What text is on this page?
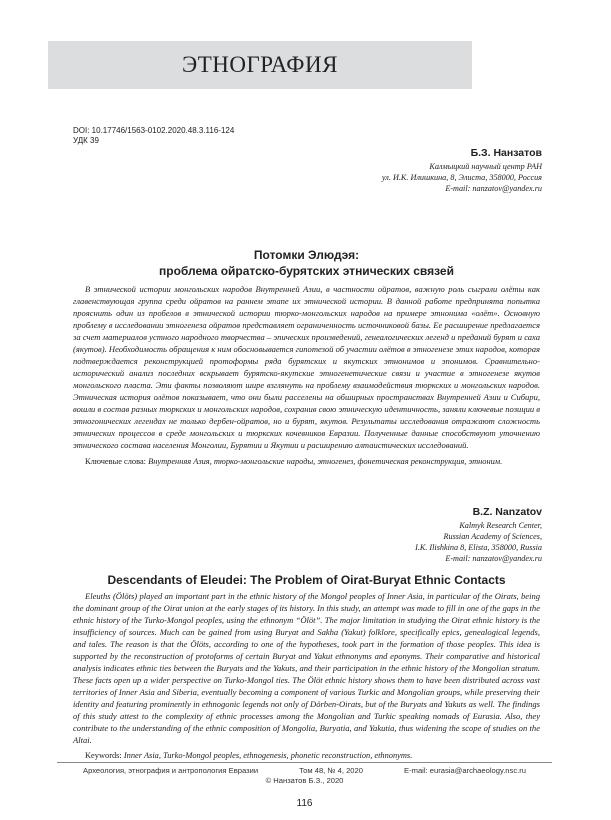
ЭТНОГРАФИЯ
DOI: 10.17746/1563-0102.2020.48.3.116-124
УДК 39
Б.З. Нанзатов
Калмыцкий научный центр РАН
ул. И.К. Илишкина, 8, Элиста, 358000, Россия
E-mail: nanzatov@yandex.ru
Потомки Элюдэя:
проблема ойратско-бурятских этнических связей
В этнической истории монгольских народов Внутренней Азии, в частности ойратов, важную роль сыграли олёты как главенствующая группа среди ойратов на раннем этапе их этнической истории. В данной работе предпринята попытка прояснить один из пробелов в этнической истории тюрко-монгольских народов на примере этнонима «олёт». Основную проблему в исследовании этногенеза ойратов представляет ограниченность источниковой базы. Ее расширение предлагается за счет материалов устного народного творчества – эпических произведений, генеалогических легенд и преданий бурят и саха (якутов). Необходимость обращения к ним обосновывается гипотезой об участии олётов в этногенезе этих народов, которая подтверждается реконструкцией протоформы ряда бурятских и якутских этнонимов и эпонимов. Сравнительно-исторический анализ последних вскрывает бурятско-якутские этногенетические связи и участие в этногенезе якутов монгольского пласта. Эти факты позволяют шире взглянуть на проблему взаимодействия тюркских и монгольских народов. Этническая история олётов показывает, что они были расселены на обширных пространствах Внутренней Азии и Сибири, вошли в состав разных тюркских и монгольских народов, сохранив свою этническую идентичность, заняли ключевые позиции в этногонических легендах не только дербен-ойратов, но и бурят, якутов. Результаты исследования отражают сложность этнических процессов в среде монгольских и тюркских кочевников Евразии. Полученные данные способствуют уточнению этнического состава населения Монголии, Бурятии и Якутии и расширению алтаистических исследований.
Ключевые слова: Внутренняя Азия, тюрко-монгольские народы, этногенез, фонетическая реконструкция, этноним.
B.Z. Nanzatov
Kalmyk Research Center,
Russian Academy of Sciences,
I.K. Ilishkina 8, Elista, 358000, Russia
E-mail: nanzatov@yandex.ru
Descendants of Eleudei: The Problem of Oirat-Buryat Ethnic Contacts
Eleuths (Ölöts) played an important part in the ethnic history of the Mongol peoples of Inner Asia, in particular of the Oirats, being the dominant group of the Oirat union at the early stages of its history. In this study, an attempt was made to fill in one of the gaps in the ethnic history of the Turko-Mongol peoples, using the ethnonym “Ölöt”. The major limitation in studying the Oirat ethnic history is the insufficiency of sources. Much can be gained from using Buryat and Sakha (Yakut) folklore, specifically epics, genealogical legends, and tales. The reason is that the Ölöts, according to one of the hypotheses, took part in the formation of those peoples. This idea is supported by the reconstruction of protoforms of certain Buryat and Yakut ethnonyms and eponyms. Their comparative and historical analysis indicates ethnic ties between the Buryats and the Yakuts, and their participation in the ethnic history of the Mongolian stratum. These facts open up a wider perspective on Turko-Mongol ties. The Ölöt ethnic history shows them to have been distributed across vast territories of Inner Asia and Siberia, eventually becoming a component of various Turkic and Mongolian groups, while preserving their identity and featuring prominently in ethnogonic legends not only of Dörben-Oirats, but of the Buryats and Yakuts as well. The findings of this study attest to the complexity of ethnic processes among the Mongolian and Turkic speaking nomads of Eurasia. Also, they contribute to the understanding of the ethnic composition of Mongolia, Buryatia, and Yakutia, thus widening the scope of studies on the Altai.
Keywords: Inner Asia, Turko-Mongol peoples, ethnogenesis, phonetic reconstruction, ethnonyms.
Археология, этнография и антропология Евразии	Том 48, № 4, 2020	E-mail: eurasia@archaeology.nsc.ru
© Нанзатов Б.З., 2020
116
